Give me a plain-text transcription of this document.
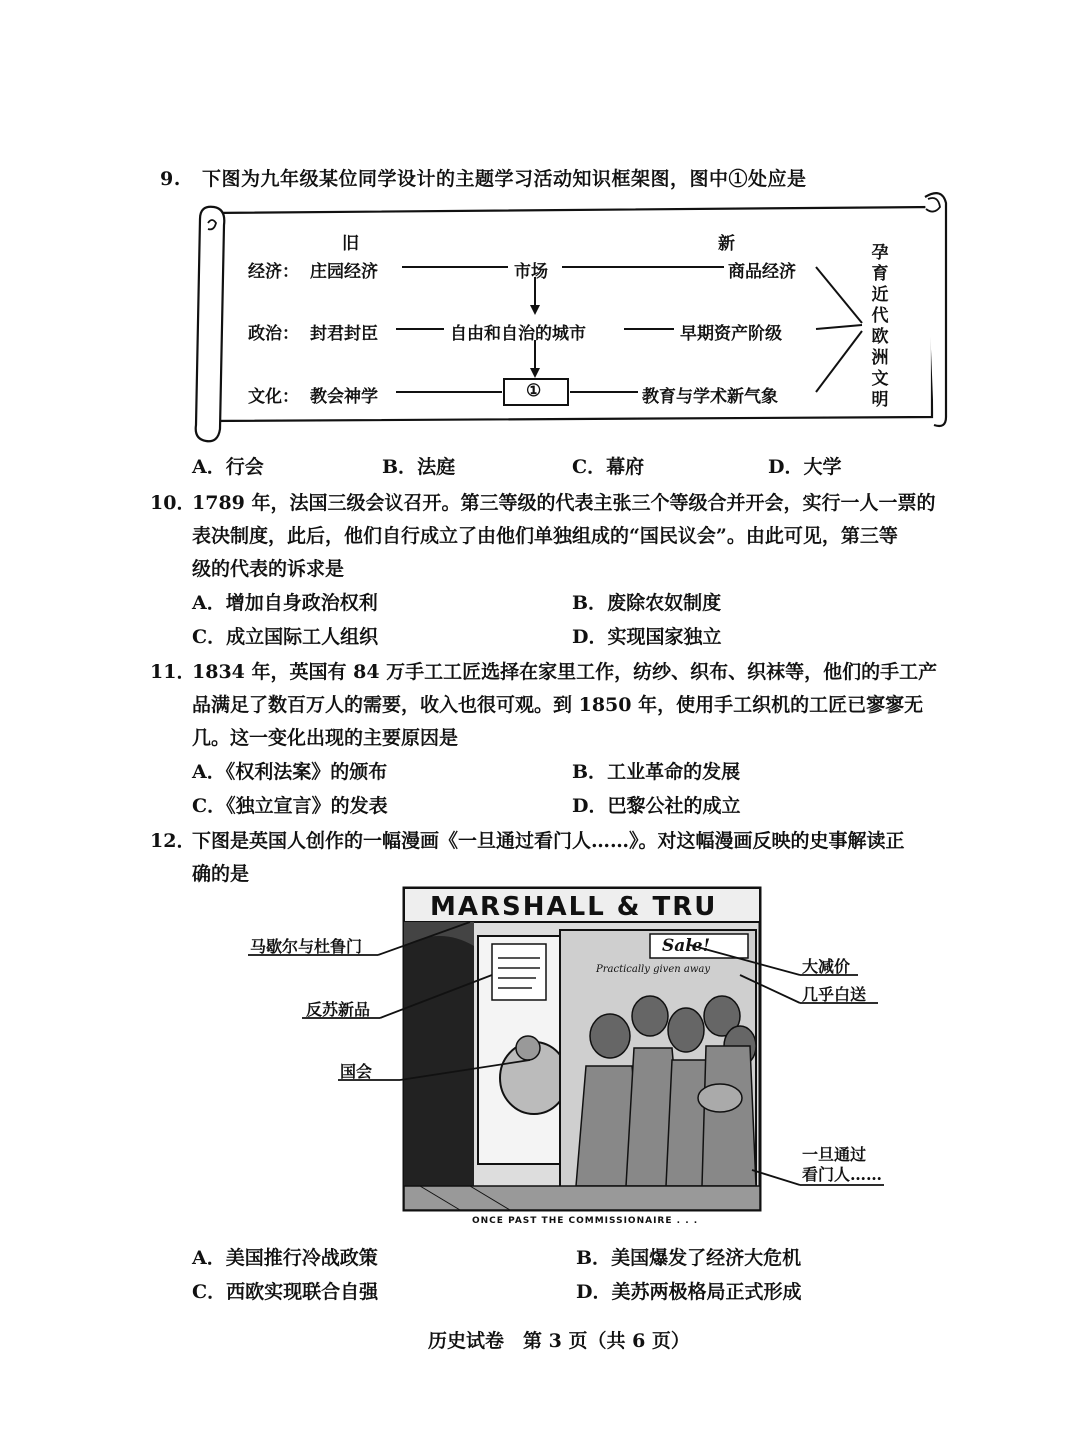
9. 下图为九年级某位同学设计的主题学习活动知识框架图，图中①处应是
旧	新
经济： 庄园经济	市场	商品经济
政治： 封君封臣	自由和自治的城市	早期资产阶级
文化： 教会神学	①	教育与学术新气象
孕
育
近
代
欧
洲
文
明
A．行会	B．法庭	C．幕府	D．大学
10．
1789 年，法国三级会议召开。第三等级的代表主张三个等级合并开会，实行一人一票的
表决制度，此后，他们自行成立了由他们单独组成的“国民议会”。由此可见，第三等
级的代表的诉求是
A．增加自身政治权利	B．废除农奴制度
C．成立国际工人组织	D．实现国家独立
11．
1834 年，英国有 84 万手工工匠选择在家里工作，纺纱、织布、织袜等，他们的手工产
品满足了数百万人的需要，收入也很可观。到 1850 年，使用手工织机的工匠已寥寥无
几。这一变化出现的主要原因是
A．《权利法案》的颁布	B．工业革命的发展
C．《独立宣言》的发表	D．巴黎公社的成立
12．
下图是英国人创作的一幅漫画《一旦通过看门人……》。对这幅漫画反映的史事解读正
确的是
MARSHALL & TRU
Sale!
Practically given away
ONCE PAST THE COMMISSIONAIRE . . .
马歇尔与杜鲁门
反苏新品
国会
大减价
几乎白送
一旦通过
看门人……
A．美国推行冷战政策	B．美国爆发了经济大危机
C．西欧实现联合自强	D．美苏两极格局正式形成
历史试卷　第 3 页（共 6 页）
